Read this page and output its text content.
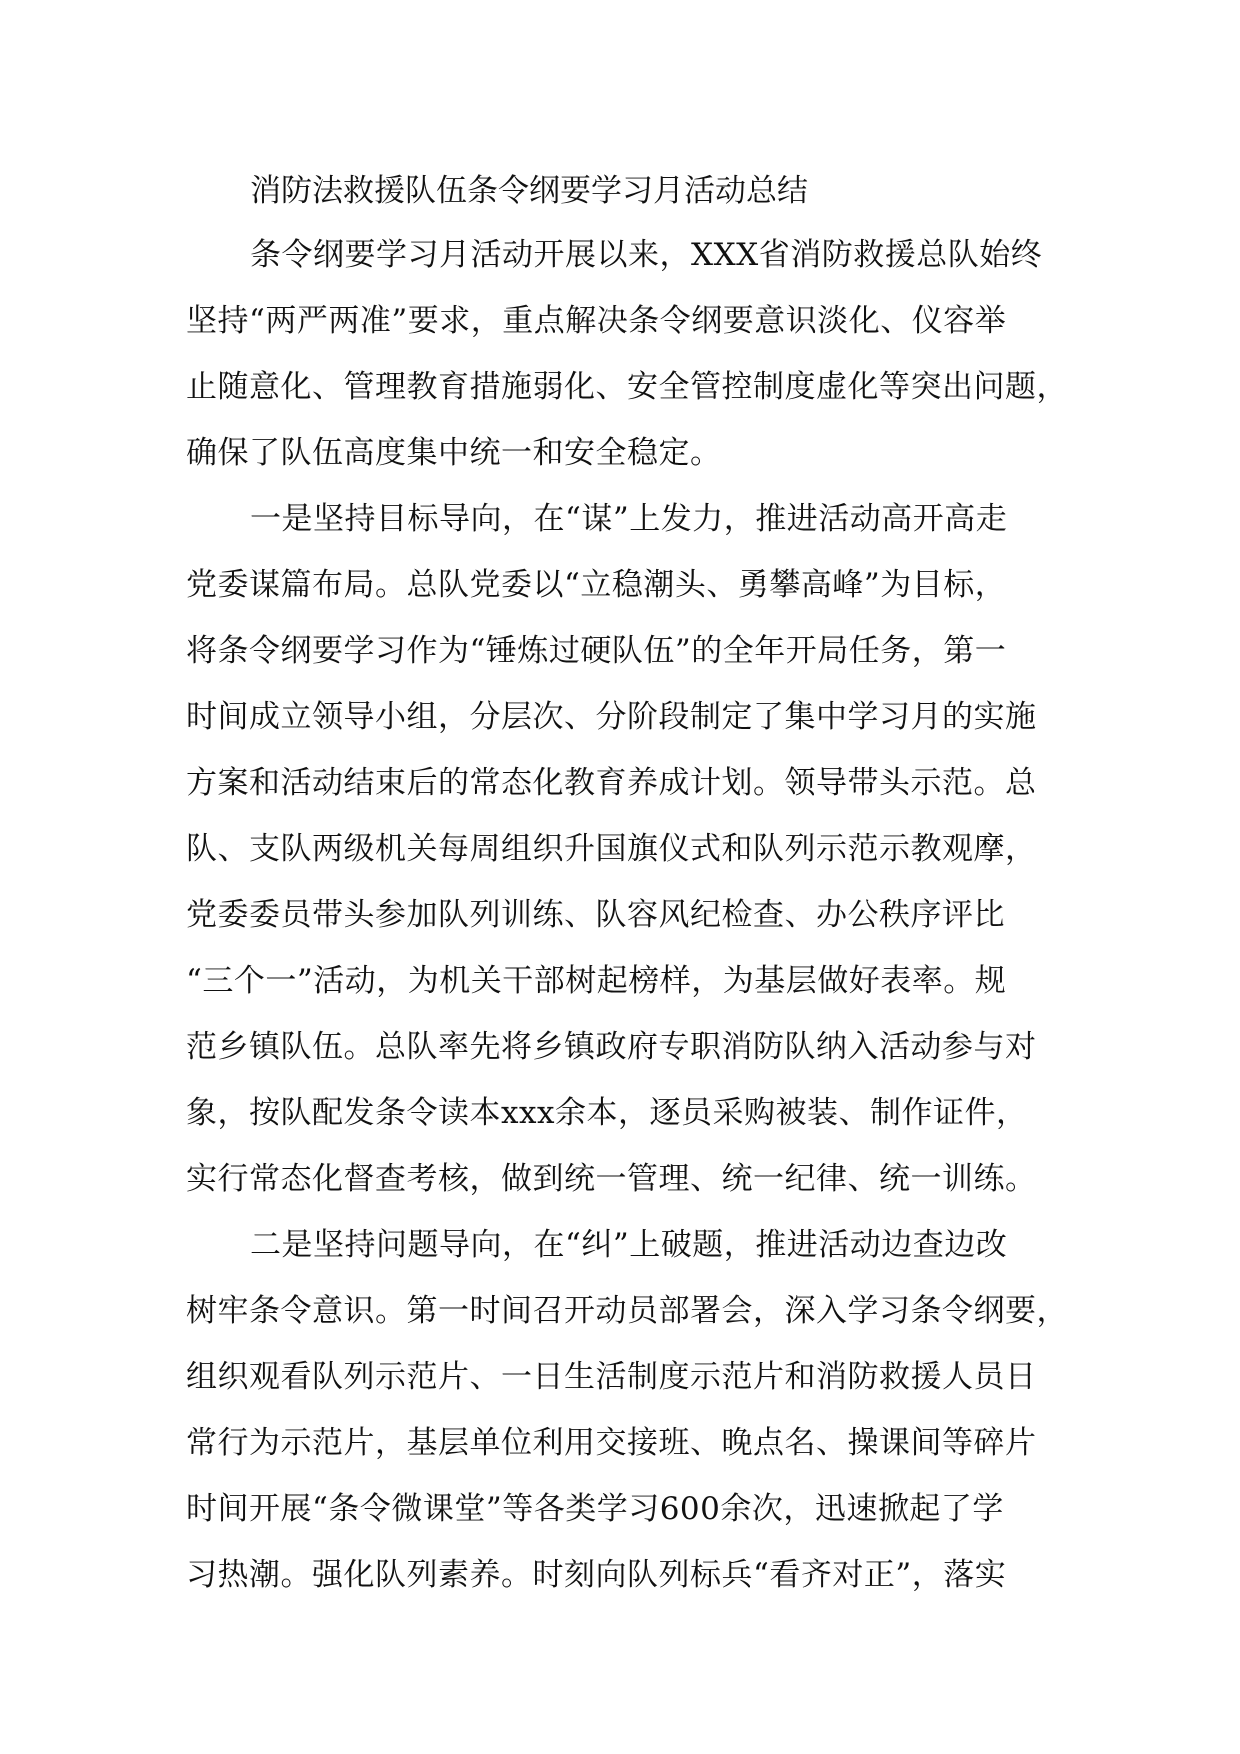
消防法救援队伍条令纲要学习月活动总结

条令纲要学习月活动开展以来，XXX省消防救援总队始终

坚持“两严两准”要求，重点解决条令纲要意识淡化、仪容举

止随意化、管理教育措施弱化、安全管控制度虚化等突出问题，

确保了队伍高度集中统一和安全稳定。

一是坚持目标导向，在“谋”上发力，推进活动高开高走

党委谋篇布局。总队党委以“立稳潮头、勇攀高峰”为目标，

将条令纲要学习作为“锤炼过硬队伍”的全年开局任务，第一

时间成立领导小组，分层次、分阶段制定了集中学习月的实施

方案和活动结束后的常态化教育养成计划。领导带头示范。总

队、支队两级机关每周组织升国旗仪式和队列示范示教观摩，

党委委员带头参加队列训练、队容风纪检查、办公秩序评比

“三个一”活动，为机关干部树起榜样，为基层做好表率。规

范乡镇队伍。总队率先将乡镇政府专职消防队纳入活动参与对

象，按队配发条令读本xxx余本，逐员采购被装、制作证件，

实行常态化督查考核，做到统一管理、统一纪律、统一训练。

二是坚持问题导向，在“纠”上破题，推进活动边查边改

树牢条令意识。第一时间召开动员部署会，深入学习条令纲要，

组织观看队列示范片、一日生活制度示范片和消防救援人员日

常行为示范片，基层单位利用交接班、晚点名、操课间等碎片

时间开展“条令微课堂”等各类学习600余次，迅速掀起了学

习热潮。强化队列素养。时刻向队列标兵“看齐对正”，落实
